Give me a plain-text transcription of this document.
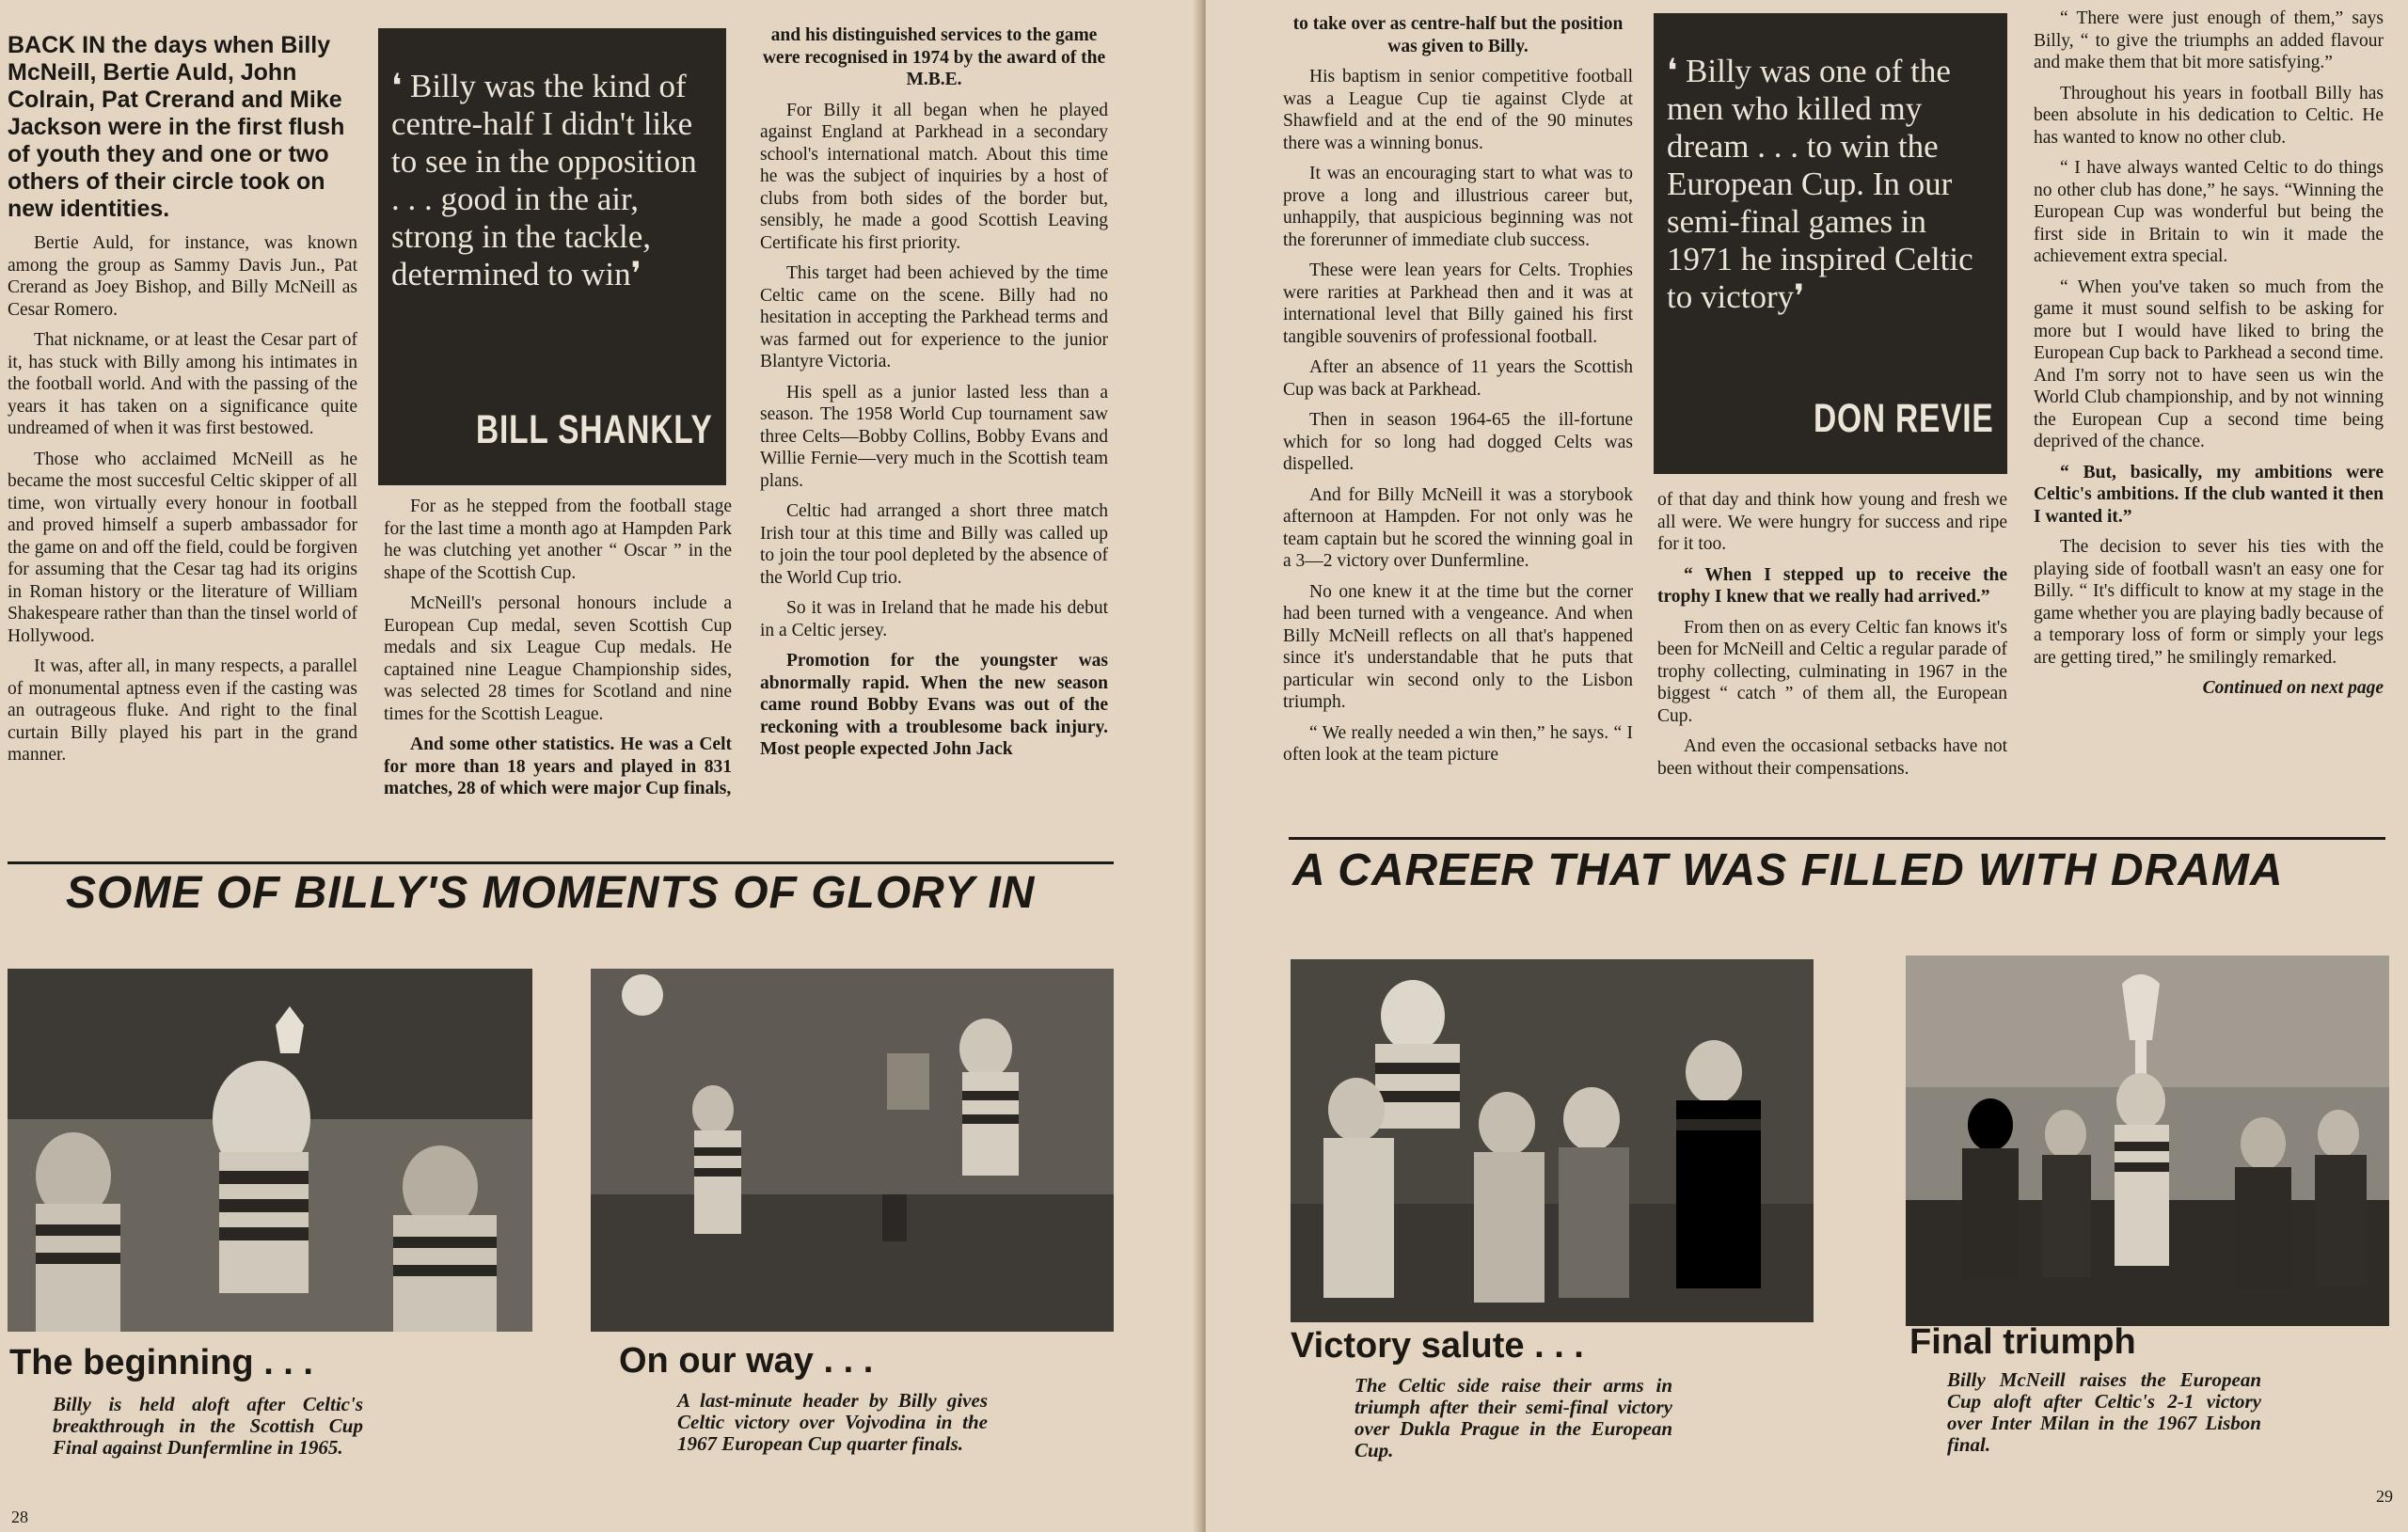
BACK IN the days when Billy McNeill, Bertie Auld, John Colrain, Pat Crerand and Mike Jackson were in the first flush of youth they and one or two others of their circle took on new identities.

Bertie Auld, for instance, was known among the group as Sammy Davis Jun., Pat Crerand as Joey Bishop, and Billy McNeill as Cesar Romero.

That nickname, or at least the Cesar part of it, has stuck with Billy among his intimates in the football world. And with the passing of the years it has taken on a significance quite undreamed of when it was first bestowed.

Those who acclaimed McNeill as he became the most succesful Celtic skipper of all time, won virtually every honour in football and proved himself a superb ambassador for the game on and off the field, could be forgiven for assuming that the Cesar tag had its origins in Roman history or the literature of William Shakespeare rather than than the tinsel world of Hollywood.

It was, after all, in many respects, a parallel of monumental aptness even if the casting was an outrageous fluke. And right to the final curtain Billy played his part in the grand manner.

❛ Billy was the kind of centre-half I didn't like to see in the opposition . . . good in the air, strong in the tackle, determined to win❜
BILL SHANKLY

For as he stepped from the football stage for the last time a month ago at Hampden Park he was clutching yet another “ Oscar ” in the shape of the Scottish Cup.

McNeill's personal honours include a European Cup medal, seven Scottish Cup medals and six League Cup medals. He captained nine League Championship sides, was selected 28 times for Scotland and nine times for the Scottish League.

And some other statistics. He was a Celt for more than 18 years and played in 831 matches, 28 of which were major Cup finals,

and his distinguished services to the game were recognised in 1974 by the award of the M.B.E.

For Billy it all began when he played against England at Parkhead in a secondary school's international match. About this time he was the subject of inquiries by a host of clubs from both sides of the border but, sensibly, he made a good Scottish Leaving Certificate his first priority.

This target had been achieved by the time Celtic came on the scene. Billy had no hesitation in accepting the Parkhead terms and was farmed out for experience to the junior Blantyre Victoria.

His spell as a junior lasted less than a season. The 1958 World Cup tournament saw three Celts—Bobby Collins, Bobby Evans and Willie Fernie—very much in the Scottish team plans.

Celtic had arranged a short three match Irish tour at this time and Billy was called up to join the tour pool depleted by the absence of the World Cup trio.

So it was in Ireland that he made his debut in a Celtic jersey.

Promotion for the youngster was abnormally rapid. When the new season came round Bobby Evans was out of the reckoning with a troublesome back injury. Most people expected John Jack

SOME OF BILLY'S MOMENTS OF GLORY IN
The beginning . . .
Billy is held aloft after Celtic's breakthrough in the Scottish Cup Final against Dunfermline in 1965.
On our way . . .
A last-minute header by Billy gives Celtic victory over Vojvodina in the 1967 European Cup quarter finals.
28

to take over as centre-half but the position was given to Billy.

His baptism in senior competitive football was a League Cup tie against Clyde at Shawfield and at the end of the 90 minutes there was a winning bonus.

It was an encouraging start to what was to prove a long and illustrious career but, unhappily, that auspicious beginning was not the forerunner of immediate club success.

These were lean years for Celts. Trophies were rarities at Parkhead then and it was at international level that Billy gained his first tangible souvenirs of professional football.

After an absence of 11 years the Scottish Cup was back at Parkhead.

Then in season 1964-65 the ill-fortune which for so long had dogged Celts was dispelled.

And for Billy McNeill it was a storybook afternoon at Hampden. For not only was he team captain but he scored the winning goal in a 3—2 victory over Dunfermline.

No one knew it at the time but the corner had been turned with a vengeance. And when Billy McNeill reflects on all that's happened since it's understandable that he puts that particular win second only to the Lisbon triumph.

“ We really needed a win then,” he says. “ I often look at the team picture

❛ Billy was one of the men who killed my dream . . . to win the European Cup. In our semi-final games in 1971 he inspired Celtic to victory❜
DON REVIE

of that day and think how young and fresh we all were. We were hungry for success and ripe for it too.

“ When I stepped up to receive the trophy I knew that we really had arrived.”

From then on as every Celtic fan knows it's been for McNeill and Celtic a regular parade of trophy collecting, culminating in 1967 in the biggest “ catch ” of them all, the European Cup.

And even the occasional setbacks have not been without their compensations.

“ There were just enough of them,” says Billy, “ to give the triumphs an added flavour and make them that bit more satisfying.”

Throughout his years in football Billy has been absolute in his dedication to Celtic. He has wanted to know no other club.

“ I have always wanted Celtic to do things no other club has done,” he says. “Winning the European Cup was wonderful but being the first side in Britain to win it made the achievement extra special.

“ When you've taken so much from the game it must sound selfish to be asking for more but I would have liked to bring the European Cup back to Parkhead a second time. And I'm sorry not to have seen us win the World Club championship, and by not winning the European Cup a second time being deprived of the chance.

“ But, basically, my ambitions were Celtic's ambitions. If the club wanted it then I wanted it.”

The decision to sever his ties with the playing side of football wasn't an easy one for Billy. “ It's difficult to know at my stage in the game whether you are playing badly because of a temporary loss of form or simply your legs are getting tired,” he smilingly remarked.

Continued on next page

A CAREER THAT WAS FILLED WITH DRAMA
Victory salute . . .
The Celtic side raise their arms in triumph after their semi-final victory over Dukla Prague in the European Cup.
Final triumph
Billy McNeill raises the European Cup aloft after Celtic's 2-1 victory over Inter Milan in the 1967 Lisbon final.
29
